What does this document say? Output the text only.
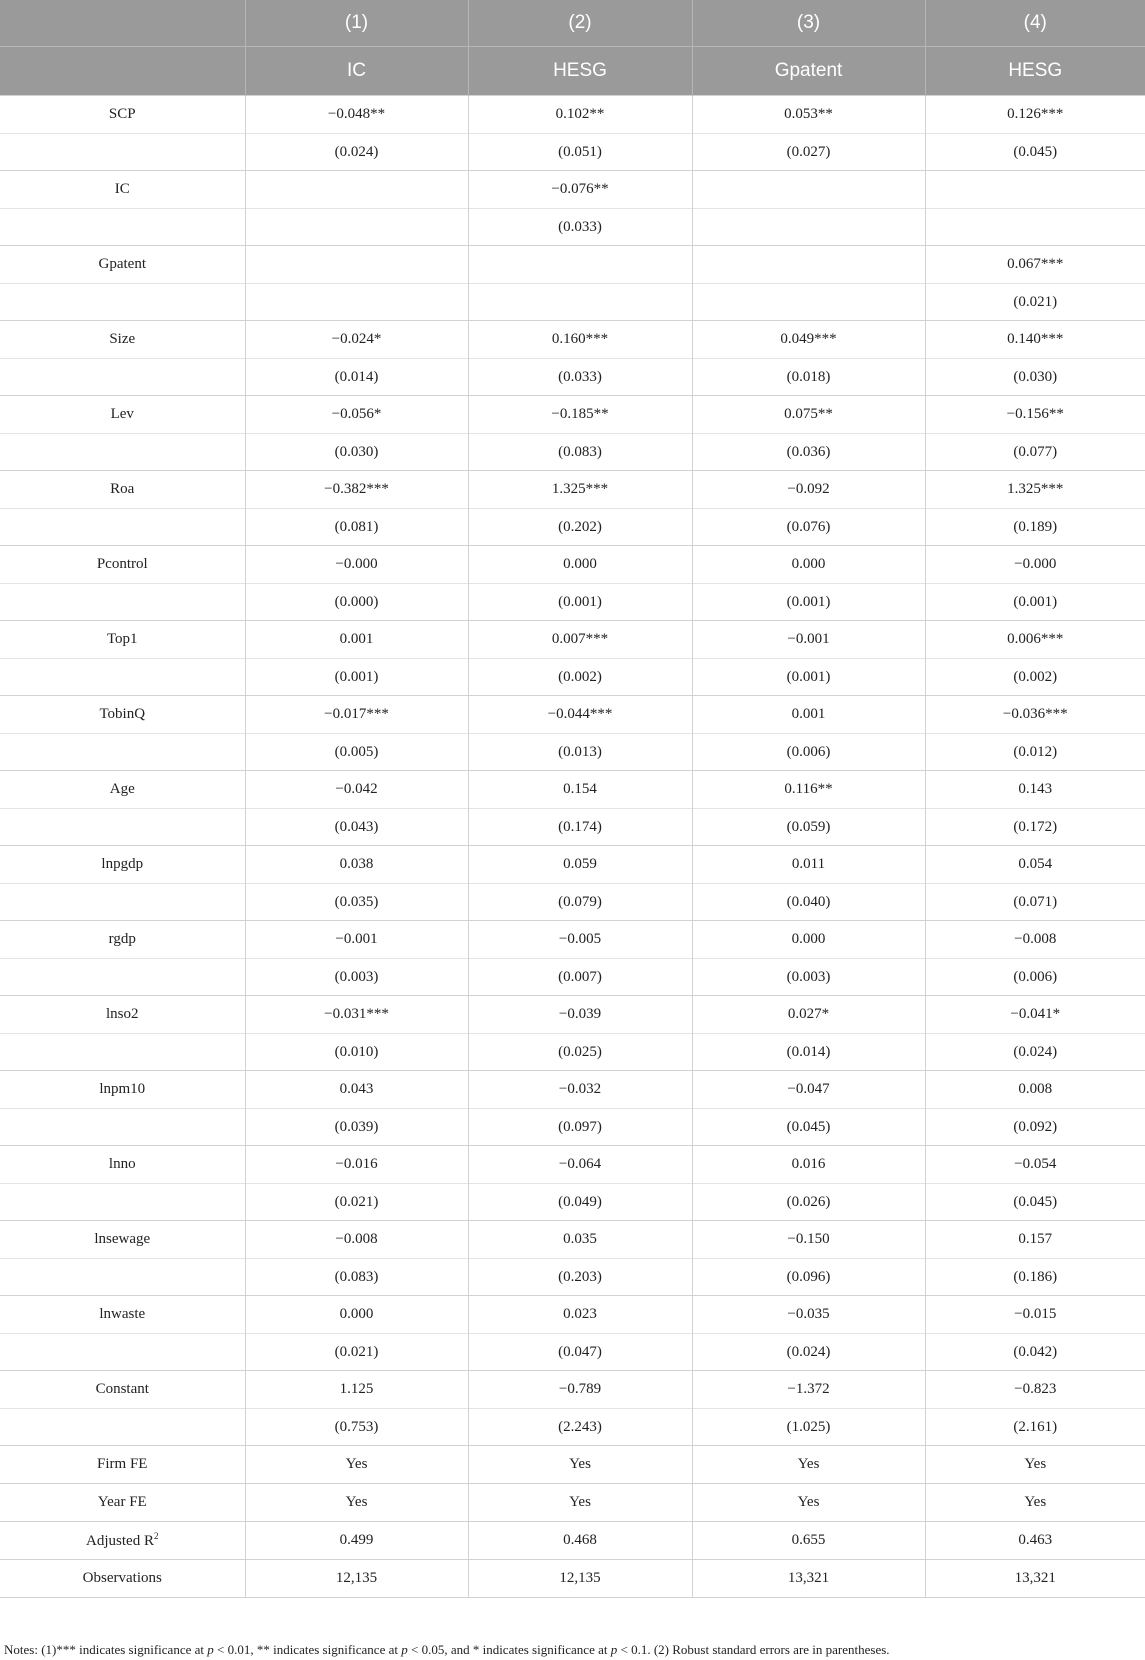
	(1)	(2)	(3)	(4)
	IC	HESG	Gpatent	HESG
SCP	−0.048**	0.102**	0.053**	0.126***
	(0.024)	(0.051)	(0.027)	(0.045)
IC		−0.076**		
		(0.033)		
Gpatent				0.067***
				(0.021)
Size	−0.024*	0.160***	0.049***	0.140***
	(0.014)	(0.033)	(0.018)	(0.030)
Lev	−0.056*	−0.185**	0.075**	−0.156**
	(0.030)	(0.083)	(0.036)	(0.077)
Roa	−0.382***	1.325***	−0.092	1.325***
	(0.081)	(0.202)	(0.076)	(0.189)
Pcontrol	−0.000	0.000	0.000	−0.000
	(0.000)	(0.001)	(0.001)	(0.001)
Top1	0.001	0.007***	−0.001	0.006***
	(0.001)	(0.002)	(0.001)	(0.002)
TobinQ	−0.017***	−0.044***	0.001	−0.036***
	(0.005)	(0.013)	(0.006)	(0.012)
Age	−0.042	0.154	0.116**	0.143
	(0.043)	(0.174)	(0.059)	(0.172)
lnpgdp	0.038	0.059	0.011	0.054
	(0.035)	(0.079)	(0.040)	(0.071)
rgdp	−0.001	−0.005	0.000	−0.008
	(0.003)	(0.007)	(0.003)	(0.006)
lnso2	−0.031***	−0.039	0.027*	−0.041*
	(0.010)	(0.025)	(0.014)	(0.024)
lnpm10	0.043	−0.032	−0.047	0.008
	(0.039)	(0.097)	(0.045)	(0.092)
lnno	−0.016	−0.064	0.016	−0.054
	(0.021)	(0.049)	(0.026)	(0.045)
lnsewage	−0.008	0.035	−0.150	0.157
	(0.083)	(0.203)	(0.096)	(0.186)
lnwaste	0.000	0.023	−0.035	−0.015
	(0.021)	(0.047)	(0.024)	(0.042)
Constant	1.125	−0.789	−1.372	−0.823
	(0.753)	(2.243)	(1.025)	(2.161)
Firm FE	Yes	Yes	Yes	Yes
Year FE	Yes	Yes	Yes	Yes
Adjusted $R^2$	0.499	0.468	0.655	0.463
Observations	12,135	12,135	13,321	13,321
Notes: (1)*** indicates significance at p < 0.01, ** indicates significance at p < 0.05, and * indicates significance at p < 0.1. (2) Robust standard errors are in parentheses.
